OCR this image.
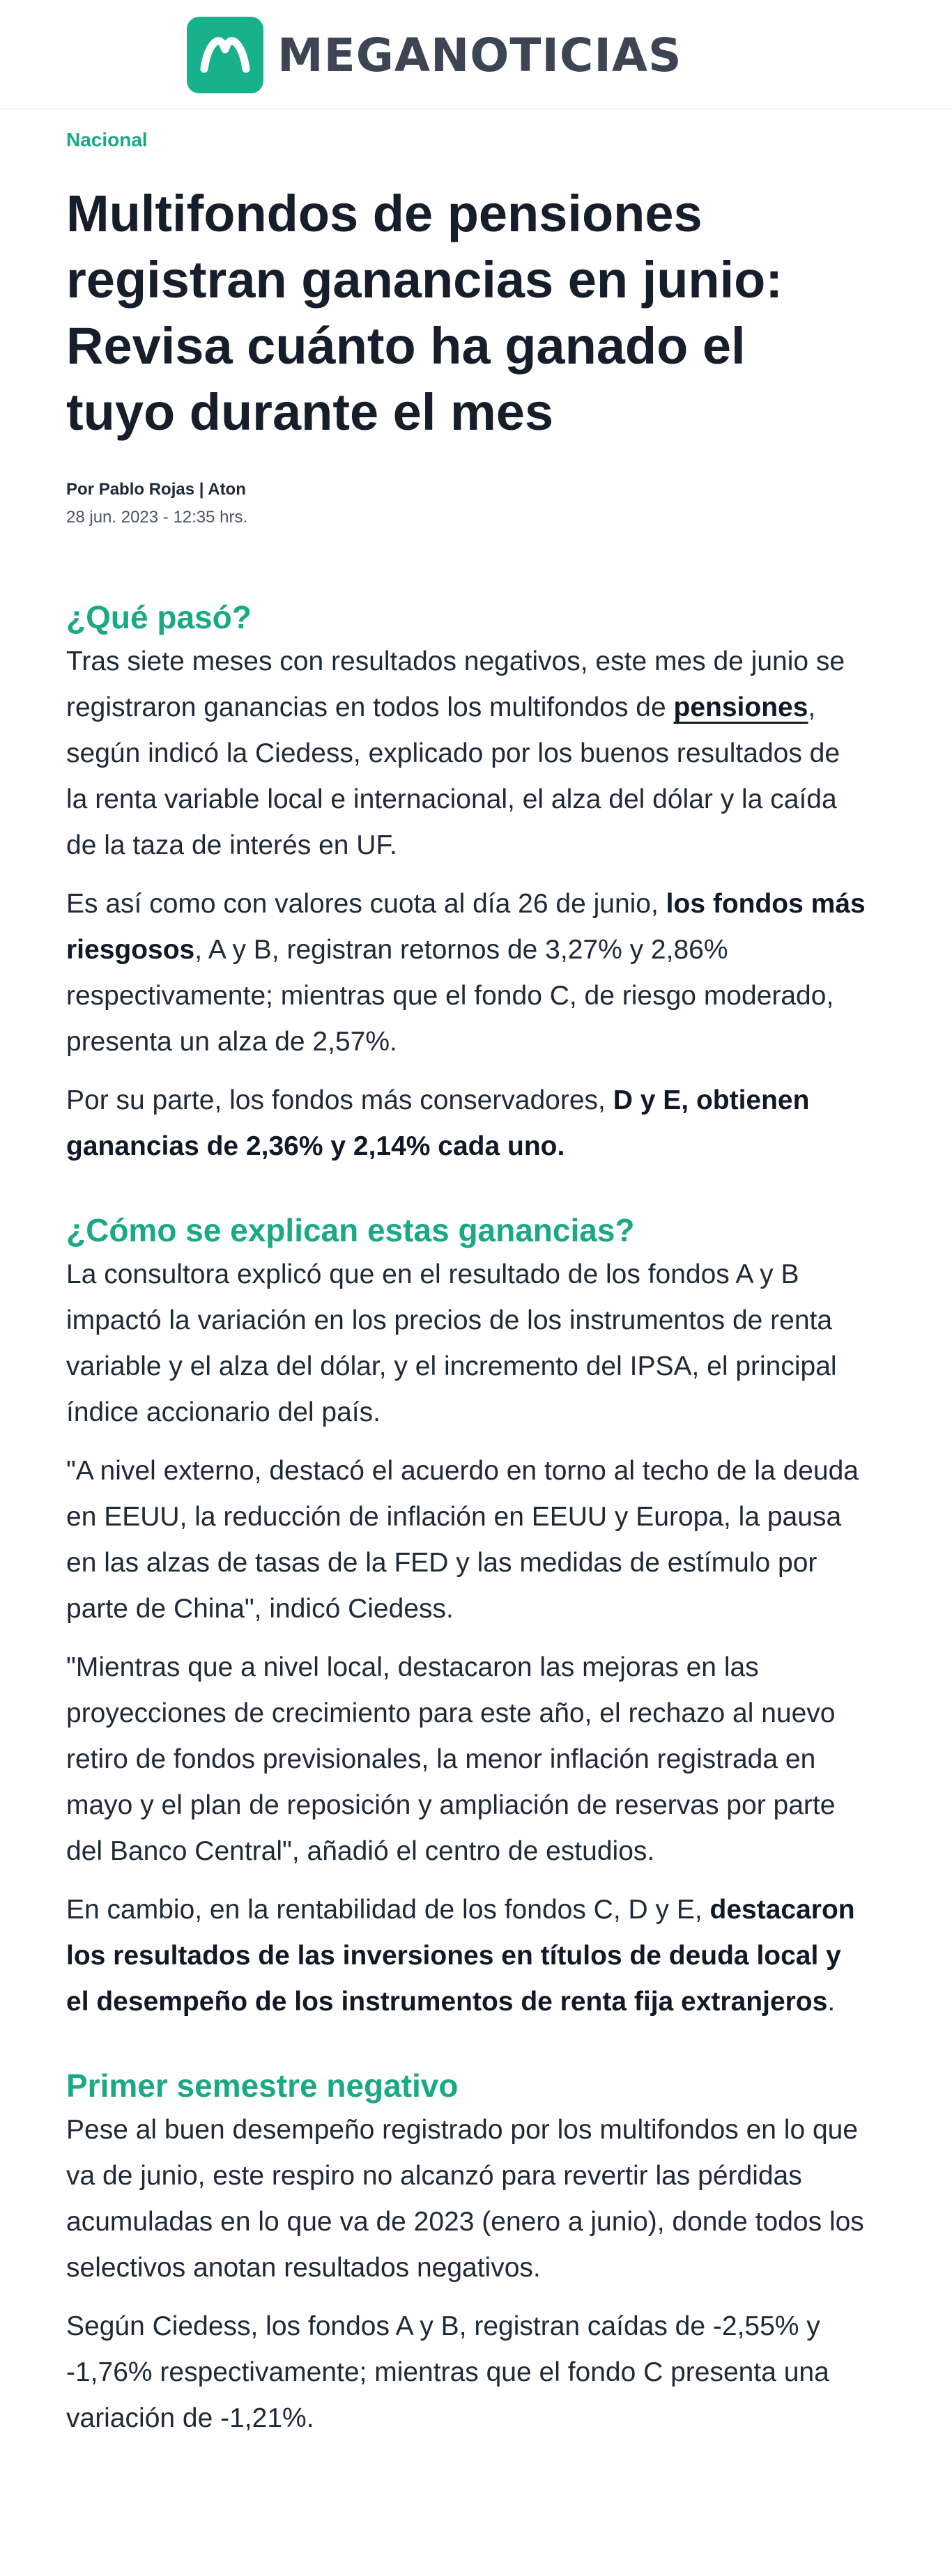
MEGANOTICIAS
Nacional
Multifondos de pensiones registran ganancias en junio: Revisa cuánto ha ganado el tuyo durante el mes
Por Pablo Rojas | Aton
28 jun. 2023 - 12:35 hrs.
¿Qué pasó?

Tras siete meses con resultados negativos, este mes de junio se registraron ganancias en todos los multifondos de pensiones, según indicó la Ciedess, explicado por los buenos resultados de la renta variable local e internacional, el alza del dólar y la caída de la taza de interés en UF.

Es así como con valores cuota al día 26 de junio, los fondos más riesgosos, A y B, registran retornos de 3,27% y 2,86% respectivamente; mientras que el fondo C, de riesgo moderado, presenta un alza de 2,57%.

Por su parte, los fondos más conservadores, D y E, obtienen ganancias de 2,36% y 2,14% cada uno.

¿Cómo se explican estas ganancias?

La consultora explicó que en el resultado de los fondos A y B impactó la variación en los precios de los instrumentos de renta variable y el alza del dólar, y el incremento del IPSA, el principal índice accionario del país.

"A nivel externo, destacó el acuerdo en torno al techo de la deuda en EEUU, la reducción de inflación en EEUU y Europa, la pausa en las alzas de tasas de la FED y las medidas de estímulo por parte de China", indicó Ciedess.

"Mientras que a nivel local, destacaron las mejoras en las proyecciones de crecimiento para este año, el rechazo al nuevo retiro de fondos previsionales, la menor inflación registrada en mayo y el plan de reposición y ampliación de reservas por parte del Banco Central", añadió el centro de estudios.

En cambio, en la rentabilidad de los fondos C, D y E, destacaron los resultados de las inversiones en títulos de deuda local y el desempeño de los instrumentos de renta fija extranjeros.

Primer semestre negativo

Pese al buen desempeño registrado por los multifondos en lo que va de junio, este respiro no alcanzó para revertir las pérdidas acumuladas en lo que va de 2023 (enero a junio), donde todos los selectivos anotan resultados negativos.

Según Ciedess, los fondos A y B, registran caídas de -2,55% y -1,76% respectivamente; mientras que el fondo C presenta una variación de -1,21%.
